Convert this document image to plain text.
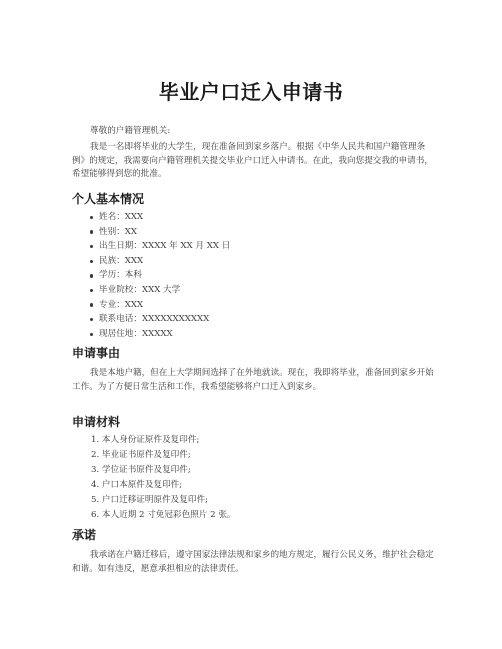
毕业户口迁入申请书
尊敬的户籍管理机关:
我是一名即将毕业的大学生，现在准备回到家乡落户。根据《中华人民共和国户籍管理条例》的规定，我需要向户籍管理机关提交毕业户口迁入申请书。在此，我向您提交我的申请书，希望能够得到您的批准。
个人基本情况
姓名：XXX
性别：XX
出生日期：XXXX 年 XX 月 XX 日
民族：XXX
学历：本科
毕业院校：XXX 大学
专业：XXX
联系电话：XXXXXXXXXXX
现居住地：XXXXX
申请事由
我是本地户籍，但在上大学期间选择了在外地就读。现在，我即将毕业，准备回到家乡开始工作。为了方便日常生活和工作，我希望能够将户口迁入到家乡。
申请材料
1. 本人身份证原件及复印件;
2. 毕业证书原件及复印件;
3. 学位证书原件及复印件;
4. 户口本原件及复印件;
5. 户口迁移证明原件及复印件;
6. 本人近期 2 寸免冠彩色照片 2 张。
承诺
我承诺在户籍迁移后，遵守国家法律法规和家乡的地方规定，履行公民义务，维护社会稳定和谐。如有违反，愿意承担相应的法律责任。
